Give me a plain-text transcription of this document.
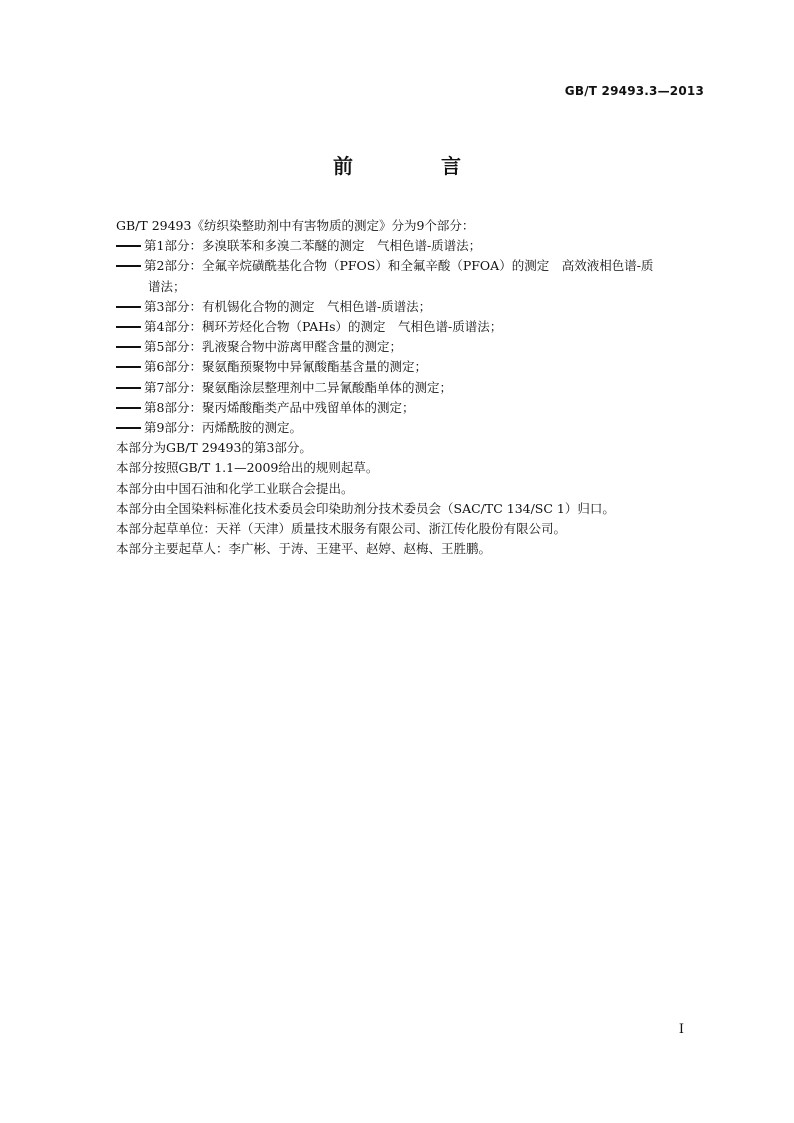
GB/T 29493.3—2013
前　言
GB/T 29493《纺织染整助剂中有害物质的测定》分为9个部分：
第1部分：多溴联苯和多溴二苯醚的测定　气相色谱-质谱法；
第2部分：全氟辛烷磺酰基化合物（PFOS）和全氟辛酸（PFOA）的测定　高效液相色谱-质
谱法；
第3部分：有机锡化合物的测定　气相色谱-质谱法；
第4部分：稠环芳烃化合物（PAHs）的测定　气相色谱-质谱法；
第5部分：乳液聚合物中游离甲醛含量的测定；
第6部分：聚氨酯预聚物中异氰酸酯基含量的测定；
第7部分：聚氨酯涂层整理剂中二异氰酸酯单体的测定；
第8部分：聚丙烯酸酯类产品中残留单体的测定；
第9部分：丙烯酰胺的测定。
本部分为GB/T 29493的第3部分。
本部分按照GB/T 1.1—2009给出的规则起草。
本部分由中国石油和化学工业联合会提出。
本部分由全国染料标准化技术委员会印染助剂分技术委员会（SAC/TC 134/SC 1）归口。
本部分起草单位：天祥（天津）质量技术服务有限公司、浙江传化股份有限公司。
本部分主要起草人：李广彬、于涛、王建平、赵婷、赵梅、王胜鹏。
I
